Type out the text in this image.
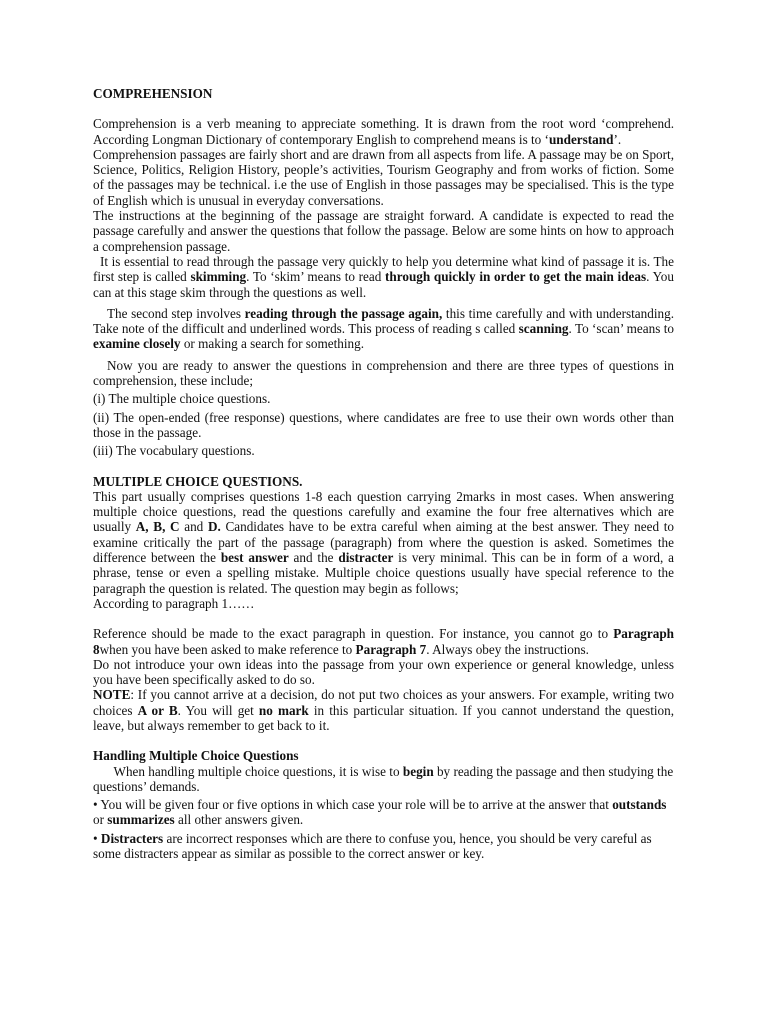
COMPREHENSION

Comprehension is a verb meaning to appreciate something. It is drawn from the root word ‘comprehend. According Longman Dictionary of contemporary English to comprehend means is to ‘understand’.

Comprehension passages are fairly short and are drawn from all aspects from life. A passage may be on Sport, Science, Politics, Religion History, people’s activities, Tourism Geography and from works of fiction. Some of the passages may be technical. i.e the use of English in those passages may be specialised. This is the type of English which is unusual in everyday conversations.

The instructions at the beginning of the passage are straight forward. A candidate is expected to read the passage carefully and answer the questions that follow the passage. Below are some hints on how to approach a comprehension passage.

It is essential to read through the passage very quickly to help you determine what kind of passage it is. The first step is called skimming. To ‘skim’ means to read through quickly in order to get the main ideas. You can at this stage skim through the questions as well.

The second step involves reading through the passage again, this time carefully and with understanding. Take note of the difficult and underlined words. This process of reading s called scanning. To ‘scan’ means to examine closely or making a search for something.

Now you are ready to answer the questions in comprehension and there are three types of questions in comprehension, these include;

(i) The multiple choice questions.

(ii) The open-ended (free response) questions, where candidates are free to use their own words other than those in the passage.

(iii) The vocabulary questions.

MULTIPLE CHOICE QUESTIONS.

This part usually comprises questions 1-8 each question carrying 2marks in most cases. When answering multiple choice questions, read the questions carefully and examine the four free alternatives which are usually A, B, C and D. Candidates have to be extra careful when aiming at the best answer. They need to examine critically the part of the passage (paragraph) from where the question is asked. Sometimes the difference between the best answer and the distracter is very minimal. This can be in form of a word, a phrase, tense or even a spelling mistake. Multiple choice questions usually have special reference to the paragraph the question is related. The question may begin as follows;

According to paragraph 1……

Reference should be made to the exact paragraph in question. For instance, you cannot go to Paragraph 8when you have been asked to make reference to Paragraph 7. Always obey the instructions.

Do not introduce your own ideas into the passage from your own experience or general knowledge, unless you have been specifically asked to do so.

NOTE: If you cannot arrive at a decision, do not put two choices as your answers. For example, writing two choices A or B. You will get no mark in this particular situation. If you cannot understand the question, leave, but always remember to get back to it.

Handling Multiple Choice Questions

When handling multiple choice questions, it is wise to begin by reading the passage and then studying the questions’ demands.

• You will be given four or five options in which case your role will be to arrive at the answer that outstands or summarizes all other answers given.

• Distracters are incorrect responses which are there to confuse you, hence, you should be very careful as some distracters appear as similar as possible to the correct answer or key.
